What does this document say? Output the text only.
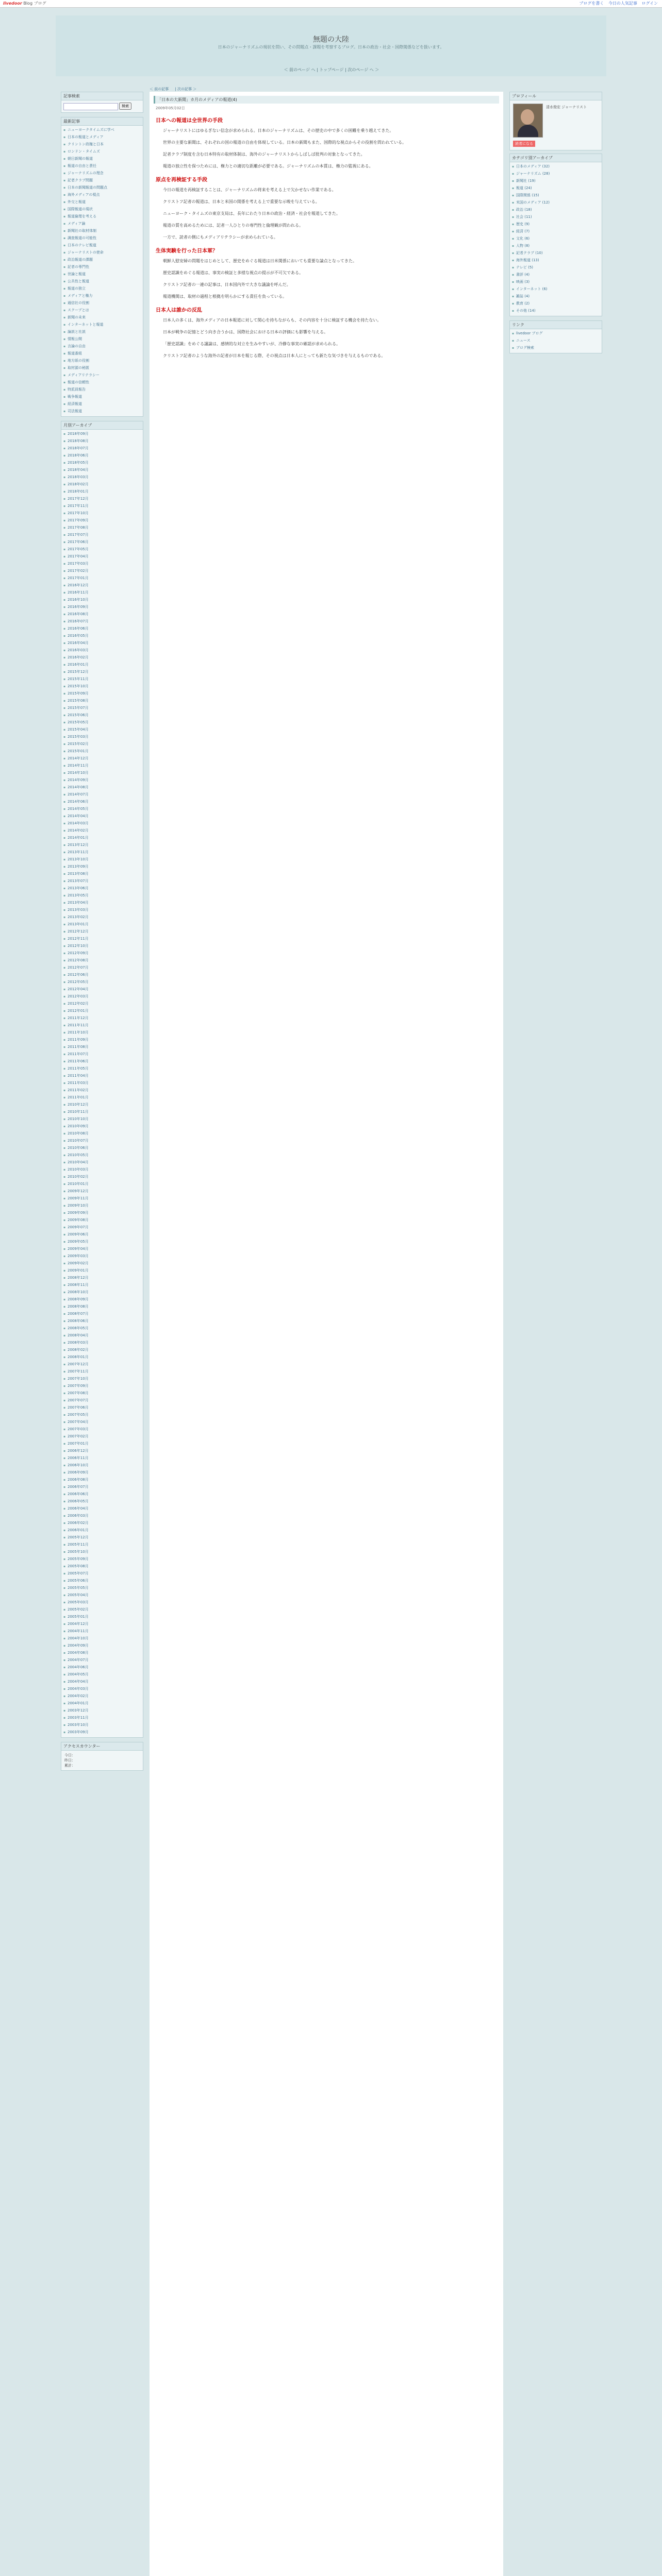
livedoor Blog ブログ	ブログを書く 今日の人気記事 ログイン
無題の大陸
日本のジャーナリズムの現状を問い、その問題点・課題を考察するブログ。日本の政治・社会・国際関係などを扱います。
＜ 前のページ へ | トップページ | 次のページ へ ＞
記事検索
検索
最新記事
▪ ニューヨークタイムズに学べ
▪ 日本の報道とメディア
▪ クリントン政権と日本
▪ ロンドン・タイムズ
▪ 朝日新聞の報道
▪ 報道の自由と責任
▪ ジャーナリズムの理念
▪ 記者クラブ問題
▪ 日本の新聞報道の問題点
▪ 海外メディアの視点
▪ 外交と報道
▪ 国際報道の現状
▪ 報道倫理を考える
▪ メディア論
▪ 新聞社の取材体制
▪ 調査報道の可能性
▪ 日本のテレビ報道
▪ ジャーナリストの使命
▪ 政治報道の課題
▪ 記者の専門性
▪ 世論と報道
▪ 公共性と報道
▪ 報道の独立
▪ メディアと権力
▪ 通信社の役割
▪ スクープとは
▪ 新聞の未来
▪ インターネットと報道
▪ 論説と社説
▪ 情報公開
▪ 言論の自由
▪ 報道番組
▪ 地方紙の役割
▪ 取材源の秘匿
▪ メディアリテラシー
▪ 報道の信頼性
▪ 特派員報告
▪ 戦争報道
▪ 経済報道
▪ 司法報道
月別アーカイブ
▪ 2018年09月
▪ 2018年08月
▪ 2018年07月
▪ 2018年06月
▪ 2018年05月
▪ 2018年04月
▪ 2018年03月
▪ 2018年02月
▪ 2018年01月
▪ 2017年12月
▪ 2017年11月
▪ 2017年10月
▪ 2017年09月
▪ 2017年08月
▪ 2017年07月
▪ 2017年06月
▪ 2017年05月
▪ 2017年04月
▪ 2017年03月
▪ 2017年02月
▪ 2017年01月
▪ 2016年12月
▪ 2016年11月
▪ 2016年10月
▪ 2016年09月
▪ 2016年08月
▪ 2016年07月
▪ 2016年06月
▪ 2016年05月
▪ 2016年04月
▪ 2016年03月
▪ 2016年02月
▪ 2016年01月
▪ 2015年12月
▪ 2015年11月
▪ 2015年10月
▪ 2015年09月
▪ 2015年08月
▪ 2015年07月
▪ 2015年06月
▪ 2015年05月
▪ 2015年04月
▪ 2015年03月
▪ 2015年02月
▪ 2015年01月
▪ 2014年12月
▪ 2014年11月
▪ 2014年10月
▪ 2014年09月
▪ 2014年08月
▪ 2014年07月
▪ 2014年06月
▪ 2014年05月
▪ 2014年04月
▪ 2014年03月
▪ 2014年02月
▪ 2014年01月
▪ 2013年12月
▪ 2013年11月
▪ 2013年10月
▪ 2013年09月
▪ 2013年08月
▪ 2013年07月
▪ 2013年06月
▪ 2013年05月
▪ 2013年04月
▪ 2013年03月
▪ 2013年02月
▪ 2013年01月
▪ 2012年12月
▪ 2012年11月
▪ 2012年10月
▪ 2012年09月
▪ 2012年08月
▪ 2012年07月
▪ 2012年06月
▪ 2012年05月
▪ 2012年04月
▪ 2012年03月
▪ 2012年02月
▪ 2012年01月
▪ 2011年12月
▪ 2011年11月
▪ 2011年10月
▪ 2011年09月
▪ 2011年08月
▪ 2011年07月
▪ 2011年06月
▪ 2011年05月
▪ 2011年04月
▪ 2011年03月
▪ 2011年02月
▪ 2011年01月
▪ 2010年12月
▪ 2010年11月
▪ 2010年10月
▪ 2010年09月
▪ 2010年08月
▪ 2010年07月
▪ 2010年06月
▪ 2010年05月
▪ 2010年04月
▪ 2010年03月
▪ 2010年02月
▪ 2010年01月
▪ 2009年12月
▪ 2009年11月
▪ 2009年10月
▪ 2009年09月
▪ 2009年08月
▪ 2009年07月
▪ 2009年06月
▪ 2009年05月
▪ 2009年04月
▪ 2009年03月
▪ 2009年02月
▪ 2009年01月
▪ 2008年12月
▪ 2008年11月
▪ 2008年10月
▪ 2008年09月
▪ 2008年08月
▪ 2008年07月
▪ 2008年06月
▪ 2008年05月
▪ 2008年04月
▪ 2008年03月
▪ 2008年02月
▪ 2008年01月
▪ 2007年12月
▪ 2007年11月
▪ 2007年10月
▪ 2007年09月
▪ 2007年08月
▪ 2007年07月
▪ 2007年06月
▪ 2007年05月
▪ 2007年04月
▪ 2007年03月
▪ 2007年02月
▪ 2007年01月
▪ 2006年12月
▪ 2006年11月
▪ 2006年10月
▪ 2006年09月
▪ 2006年08月
▪ 2006年07月
▪ 2006年06月
▪ 2006年05月
▪ 2006年04月
▪ 2006年03月
▪ 2006年02月
▪ 2006年01月
▪ 2005年12月
▪ 2005年11月
▪ 2005年10月
▪ 2005年09月
▪ 2005年08月
▪ 2005年07月
▪ 2005年06月
▪ 2005年05月
▪ 2005年04月
▪ 2005年03月
▪ 2005年02月
▪ 2005年01月
▪ 2004年12月
▪ 2004年11月
▪ 2004年10月
▪ 2004年09月
▪ 2004年08月
▪ 2004年07月
▪ 2004年06月
▪ 2004年05月
▪ 2004年04月
▪ 2004年03月
▪ 2004年02月
▪ 2004年01月
▪ 2003年12月
▪ 2003年11月
▪ 2003年10月
▪ 2003年09月
アクセスカウンター
今日：
昨日：
累計：
＜ 前の記事 | 次の記事 ＞
「日本の大新聞」カ月のメディアの報道(4)
2009年05月02日
日本への報道は全世界の手段
ジャーナリストにはゆるぎない信念が求められる。日本のジャーナリズムは、その歴史の中で多くの困難を乗り越えてきた。
世界の主要な新聞は、それぞれの国の報道の自由を体現している。日本の新聞もまた、国際的な視点からその役割を問われている。
記者クラブ制度を含む日本特有の取材体制は、海外のジャーナリストからしばしば批判の対象となってきた。
報道の独立性を保つためには、権力との適切な距離が必要である。ジャーナリズムの本質は、権力の監視にある。
原点を再検証する手段
今日の報道を再検証することは、ジャーナリズムの将来を考える上で欠かせない作業である。
クリストフ記者の報道は、日本と米国の関係を考える上で重要な示唆を与えている。
ニューヨーク・タイムズの東京支局は、長年にわたり日本の政治・経済・社会を報道してきた。
報道の質を高めるためには、記者一人ひとりの専門性と倫理観が問われる。
一方で、読者の側にもメディアリテラシーが求められている。
生体実験を行った日本軍？
朝鮮人慰安婦の問題をはじめとして、歴史をめぐる報道は日米関係においても重要な論点となってきた。
歴史認識をめぐる報道は、事実の検証と多様な視点の提示が不可欠である。
クリストフ記者の一連の記事は、日本国内外で大きな議論を呼んだ。
報道機関は、取材の過程と根拠を明らかにする責任を負っている。
日本人は誰かの反乱
日本人の多くは、海外メディアの日本報道に対して関心を持ちながらも、その内容を十分に検証する機会を持たない。
日本が戦争の記憶とどう向き合うかは、国際社会における日本の評価にも影響を与える。
「歴史認識」をめぐる議論は、感情的な対立を生みやすいが、冷静な事実の確認が求められる。
クリストフ記者のような海外の記者が日本を報じる際、その視点は日本人にとっても新たな気づきを与えるものである。
プロフィール
清水俊宏 ジャーナリスト
読者になる
カテゴリ別アーカイブ
▪ 日本のメディア (32)
▪ ジャーナリズム (28)
▪ 新聞社 (19)
▪ 報道 (24)
▪ 国際関係 (15)
▪ 米国のメディア (12)
▪ 政治 (18)
▪ 社会 (11)
▪ 歴史 (9)
▪ 経済 (7)
▪ 文化 (6)
▪ 人物 (8)
▪ 記者クラブ (10)
▪ 海外報道 (13)
▪ テレビ (5)
▪ 書評 (4)
▪ 映画 (3)
▪ インターネット (6)
▪ 雑誌 (4)
▪ 教育 (2)
▪ その他 (14)
リンク
▪ livedoor ブログ
▪ ニュース
▪ ブログ検索
